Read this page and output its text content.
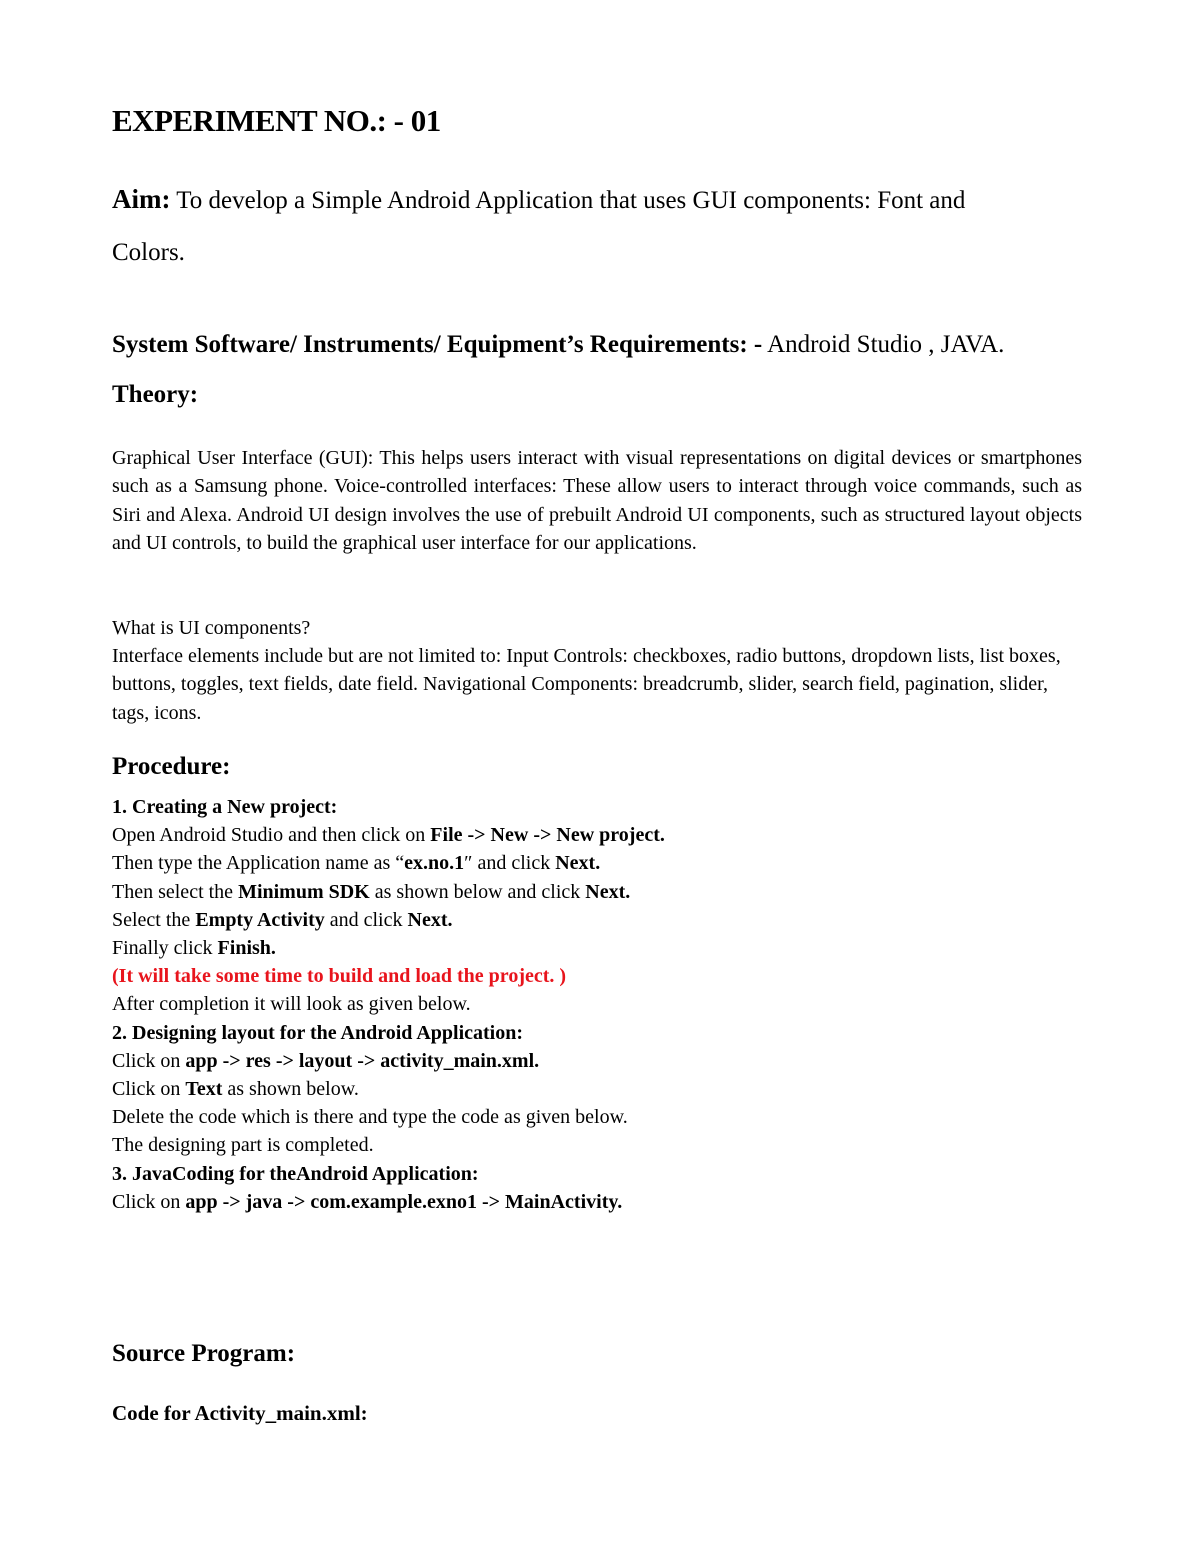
EXPERIMENT NO.: - 01
Aim: To develop a Simple Android Application that uses GUI components: Font and
Colors.
System Software/ Instruments/ Equipment’s Requirements: - Android Studio , JAVA.
Theory:
Graphical User Interface (GUI): This helps users interact with visual representations on digital devices or smartphones such as a Samsung phone. Voice-controlled interfaces: These allow users to interact through voice commands, such as Siri and Alexa. Android UI design involves the use of prebuilt Android UI components, such as structured layout objects and UI controls, to build the graphical user interface for our applications.
What is UI components?
Interface elements include but are not limited to: Input Controls: checkboxes, radio buttons, dropdown lists, list boxes, buttons, toggles, text fields, date field. Navigational Components: breadcrumb, slider, search field, pagination, slider, tags, icons.
Procedure:
1. Creating a New project:
Open Android Studio and then click on File -> New -> New project.
Then type the Application name as “ex.no.1″ and click Next.
Then select the Minimum SDK as shown below and click Next.
Select the Empty Activity and click Next.
Finally click Finish.
(It will take some time to build and load the project. )
After completion it will look as given below.
2. Designing layout for the Android Application:
Click on app -> res -> layout -> activity_main.xml.
Click on Text as shown below.
Delete the code which is there and type the code as given below.
The designing part is completed.
3. JavaCoding for theAndroid Application:
Click on app -> java -> com.example.exno1 -> MainActivity.
Source Program:
Code for Activity_main.xml:
